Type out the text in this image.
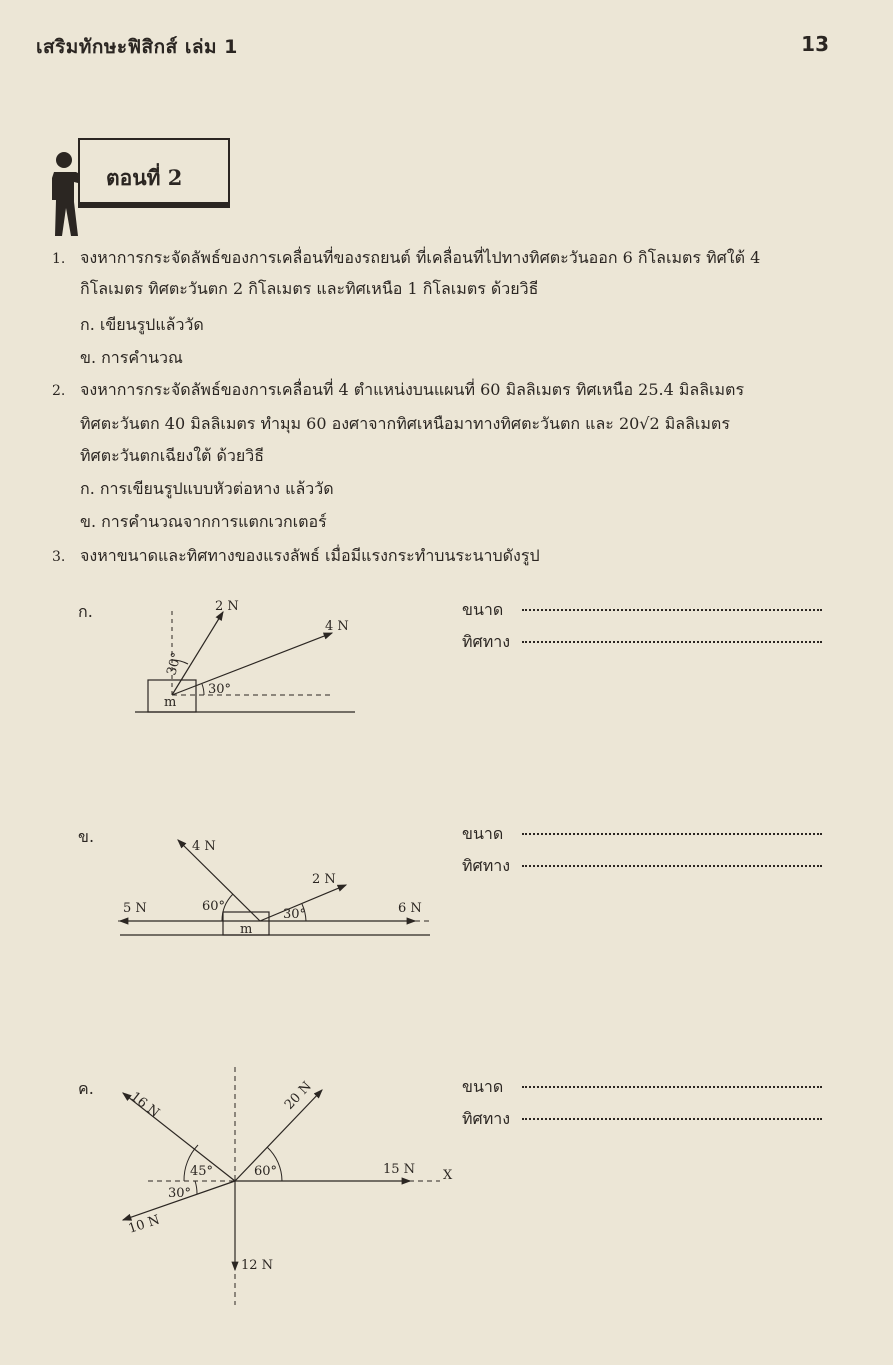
เสริมทักษะฟิสิกส์ เล่ม 1	13
ตอนที่ 2
1. จงหาการกระจัดลัพธ์ของการเคลื่อนที่ของรถยนต์ ที่เคลื่อนที่ไปทางทิศตะวันออก 6 กิโลเมตร ทิศใต้ 4
กิโลเมตร ทิศตะวันตก 2 กิโลเมตร และทิศเหนือ 1 กิโลเมตร ด้วยวิธี
ก. เขียนรูปแล้ววัด
ข. การคำนวณ
2. จงหาการกระจัดลัพธ์ของการเคลื่อนที่ 4 ตำแหน่งบนแผนที่ 60 มิลลิเมตร ทิศเหนือ 25.4 มิลลิเมตร
ทิศตะวันตก 40 มิลลิเมตร ทำมุม 60 องศาจากทิศเหนือมาทางทิศตะวันตก และ 20√2 มิลลิเมตร
ทิศตะวันตกเฉียงใต้ ด้วยวิธี
ก. การเขียนรูปแบบหัวต่อหาง แล้ววัด
ข. การคำนวณจากการแตกเวกเตอร์
3. จงหาขนาดและทิศทางของแรงลัพธ์ เมื่อมีแรงกระทำบนระนาบดังรูป
ก.	2 N
4 N
30°
30°
m
ขนาด
ทิศทาง
ข.
4 N
2 N
5 N	6 N
60°
30°
m
ขนาด
ทิศทาง
ค.
16 N	20 N
15 N X
10 N
12 N
45°	60°
30°
ขนาด
ทิศทาง
